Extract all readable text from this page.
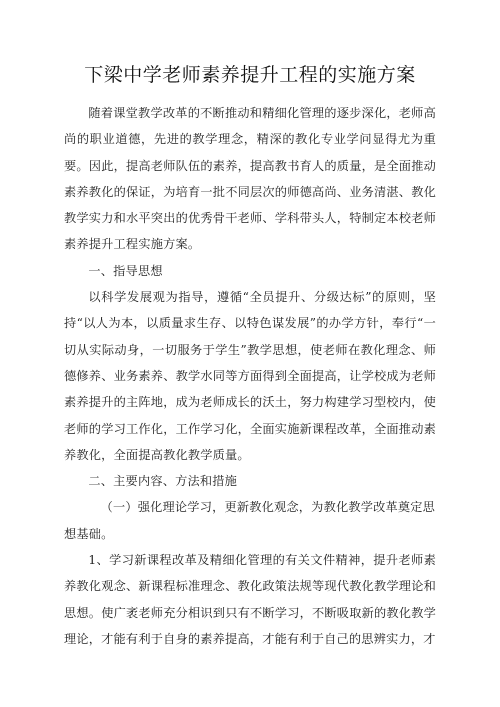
下梁中学老师素养提升工程的实施方案

随着课堂教学改革的不断推动和精细化管理的逐步深化，老师高尚的职业道德，先进的教学理念，精深的教化专业学问显得尤为重要。因此，提高老师队伍的素养，提高教书育人的质量，是全面推动素养教化的保证，为培育一批不同层次的师德高尚、业务清湛、教化教学实力和水平突出的优秀骨干老师、学科带头人，特制定本校老师素养提升工程实施方案。

一、指导思想

以科学发展观为指导，遵循“全员提升、分级达标”的原则，坚持“以人为本，以质量求生存、以特色谋发展”的办学方针，奉行“一切从实际动身，一切服务于学生”教学思想，使老师在教化理念、师德修养、业务素养、教学水同等方面得到全面提高，让学校成为老师素养提升的主阵地，成为老师成长的沃土，努力构建学习型校内，使老师的学习工作化，工作学习化，全面实施新课程改革，全面推动素养教化，全面提高教化教学质量。

二、主要内容、方法和措施

（一）强化理论学习，更新教化观念，为教化教学改革奠定思想基础。

1、学习新课程改革及精细化管理的有关文件精神，提升老师素养教化观念、新课程标准理念、教化政策法规等现代教化教学理论和思想。使广袤老师充分相识到只有不断学习，不断吸取新的教化教学理论，才能有利于自身的素养提高，才能有利于自己的思辨实力，才
